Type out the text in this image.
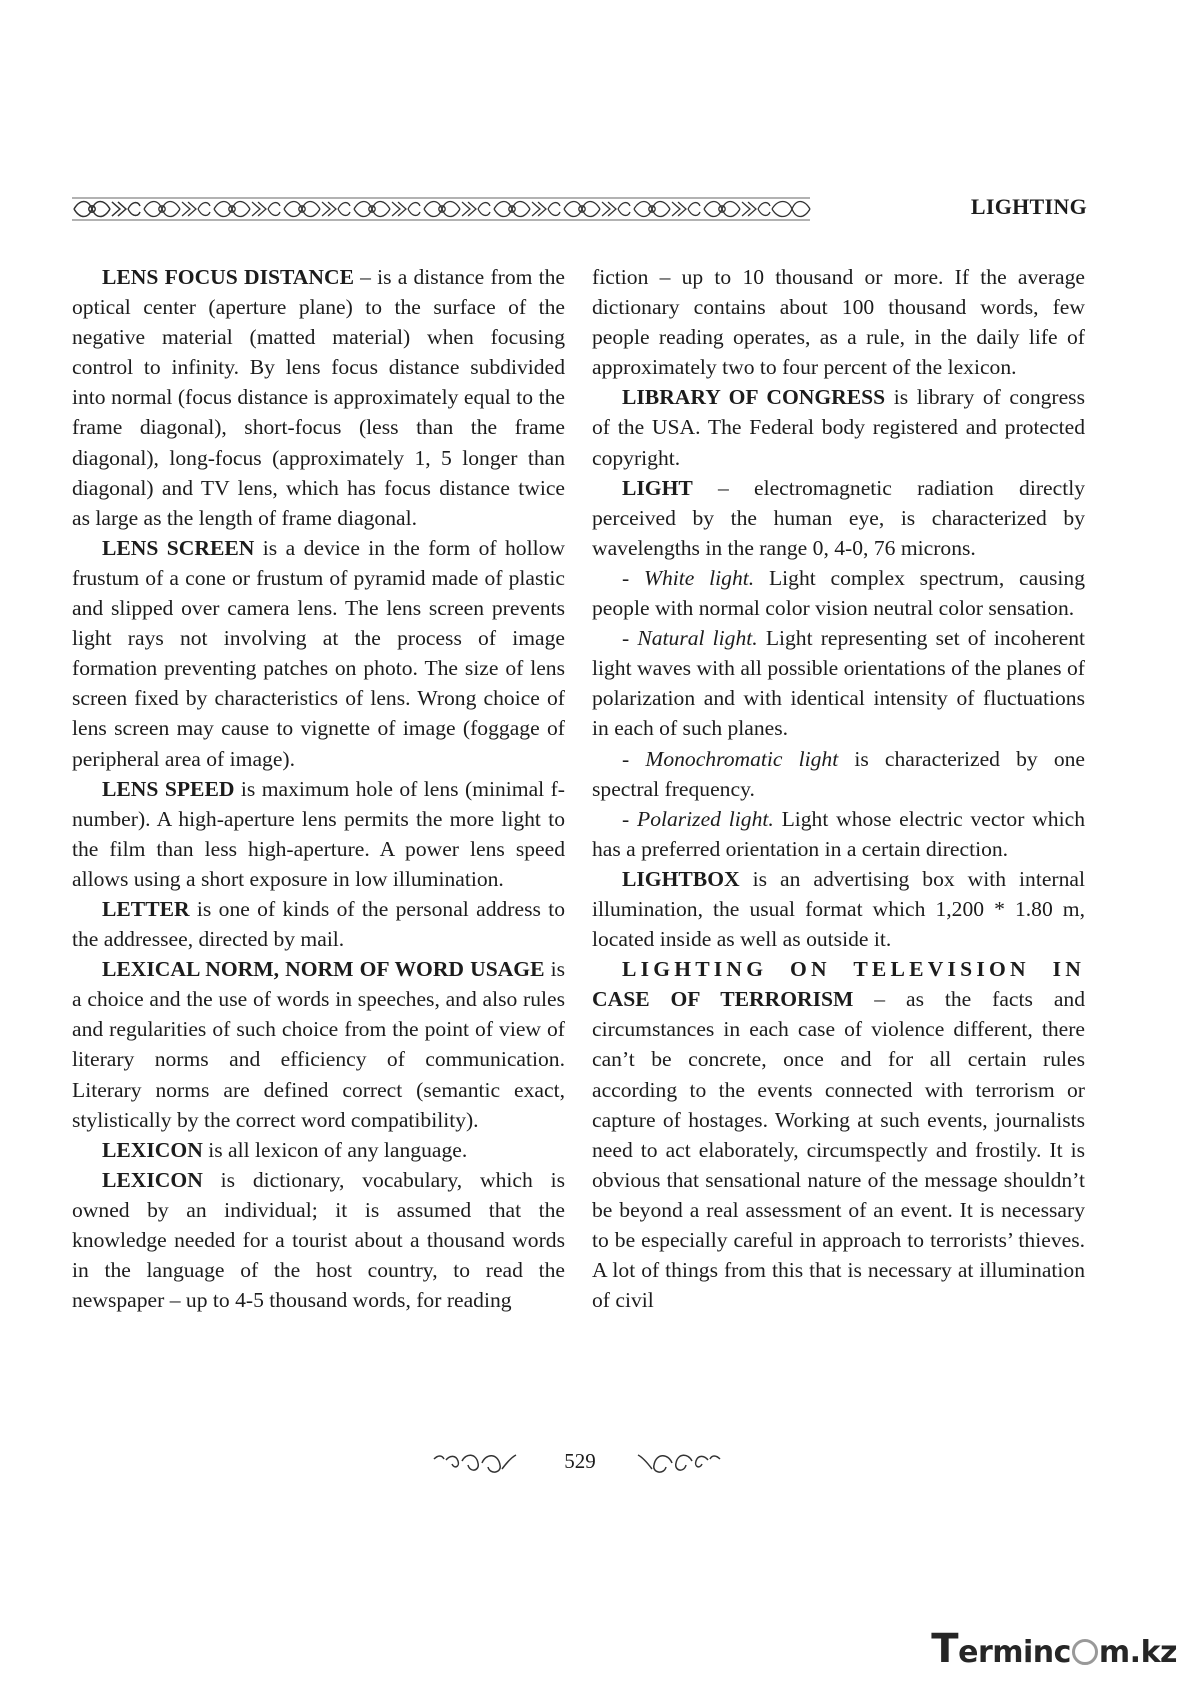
LIGHTING

LENS FOCUS DISTANCE – is a distance from the optical center (aperture plane) to the surface of the negative material (matted material) when focusing control to infinity. By lens focus distance subdivided into normal (focus distance is approximately equal to the frame diagonal), short-focus (less than the frame diagonal), long-focus (approximately 1, 5 longer than diagonal) and TV lens, which has focus distance twice as large as the length of frame diagonal.

LENS SCREEN is a device in the form of hollow frustum of a cone or frustum of pyramid made of plastic and slipped over camera lens. The lens screen prevents light rays not involving at the process of image formation preventing patches on photo. The size of lens screen fixed by characteristics of lens. Wrong choice of lens screen may cause to vignette of image (foggage of peripheral area of image).

LENS SPEED is maximum hole of lens (minimal f-number). A high-aperture lens permits the more light to the film than less high-aperture. A power lens speed allows using a short exposure in low illumination.

LETTER is one of kinds of the personal address to the addressee, directed by mail.

LEXICAL NORM, NORM OF WORD USAGE is a choice and the use of words in speeches, and also rules and regularities of such choice from the point of view of literary norms and efficiency of communication. Literary norms are defined correct (semantic exact, stylistically by the correct word compatibility).

LEXICON is all lexicon of any language.

LEXICON is dictionary, vocabulary, which is owned by an individual; it is assumed that the knowledge needed for a tourist about a thousand words in the language of the host country, to read the newspaper – up to 4-5 thousand words, for reading

fiction – up to 10 thousand or more. If the average dictionary contains about 100 thousand words, few people reading operates, as a rule, in the daily life of approximately two to four percent of the lexicon.

LIBRARY OF CONGRESS is library of congress of the USA. The Federal body registered and protected copyright.

LIGHT – electromagnetic radiation directly perceived by the human eye, is characterized by wavelengths in the range 0, 4-0, 76 microns.

- White light. Light complex spectrum, causing people with normal color vision neutral color sensation.

- Natural light. Light representing set of incoherent light waves with all possible orientations of the planes of polarization and with identical intensity of fluctuations in each of such planes.

- Monochromatic light is characterized by one spectral frequency.

- Polarized light. Light whose electric vector which has a preferred orientation in a certain direction.

LIGHTBOX is an advertising box with internal illumination, the usual format which 1,200 * 1.80 m, located inside as well as outside it.

LIGHTING ON TELEVISION IN CASE OF TERRORISM – as the facts and circumstances in each case of violence different, there can’t be concrete, once and for all certain rules according to the events connected with terrorism or capture of hostages. Working at such events, journalists need to act elaborately, circumspectly and frostily. It is obvious that sensational nature of the message shouldn’t be beyond a real assessment of an event. It is necessary to be especially careful in approach to terrorists’ thieves. A lot of things from this that is necessary at illumination of civil

529
Terminc m.kz
